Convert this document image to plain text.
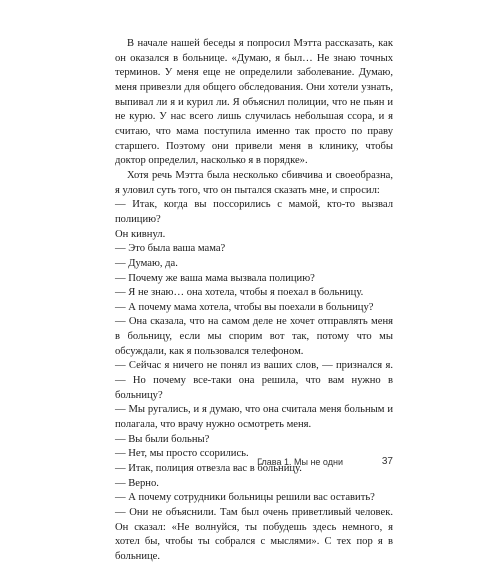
В начале нашей беседы я попросил Мэтта рассказать, как он оказался в больнице. «Думаю, я был… Не знаю точных терминов. У меня еще не определили заболевание. Думаю, меня привезли для общего обследования. Они хотели узнать, выпивал ли я и курил ли. Я объяснил полиции, что не пьян и не курю. У нас всего лишь случилась небольшая ссора, и я считаю, что мама поступила именно так просто по праву старшего. Поэтому они привели меня в клинику, чтобы доктор определил, насколько я в порядке».

Хотя речь Мэтта была несколько сбивчива и своеобразна, я уловил суть того, что он пытался сказать мне, и спросил:

— Итак, когда вы поссорились с мамой, кто-то вызвал полицию?

Он кивнул.

— Это была ваша мама?

— Думаю, да.

— Почему же ваша мама вызвала полицию?

— Я не знаю… она хотела, чтобы я поехал в больницу.

— А почему мама хотела, чтобы вы поехали в больницу?

— Она сказала, что на самом деле не хочет отправлять меня в больницу, если мы спорим вот так, потому что мы обсуждали, как я пользовался телефоном.

— Сейчас я ничего не понял из ваших слов, — признался я. — Но почему все-таки она решила, что вам нужно в больницу?

— Мы ругались, и я думаю, что она считала меня больным и полагала, что врачу нужно осмотреть меня.

— Вы были больны?

— Нет, мы просто ссорились.

— Итак, полиция отвезла вас в больницу.

— Верно.

— А почему сотрудники больницы решили вас оставить?

— Они не объяснили. Там был очень приветливый человек. Он сказал: «Не волнуйся, ты побудешь здесь немного, я хотел бы, чтобы ты собрался с мыслями». С тех пор я в больнице.

Глава 1. Мы не одни	37
